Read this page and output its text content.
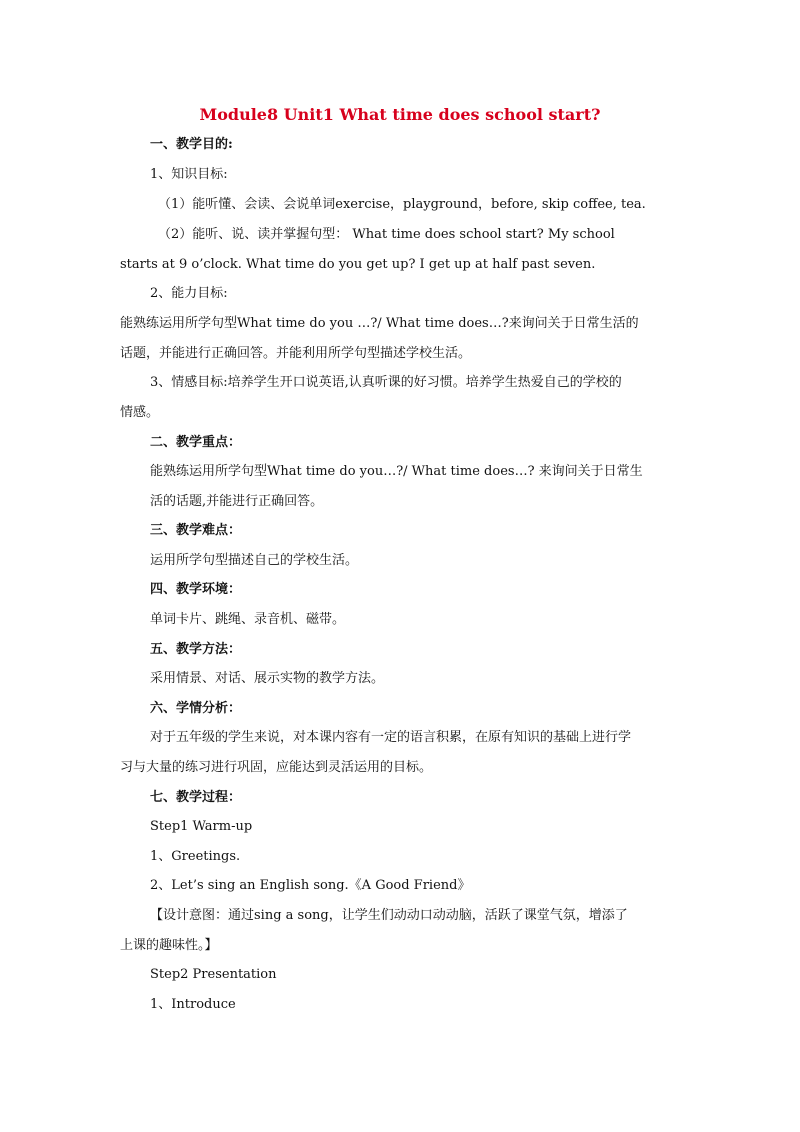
Module8 Unit1 What time does school start?
一、教学目的:
1、知识目标:
（1）能听懂、会读、会说单词exercise，playground，before, skip coffee, tea.
（2）能听、说、读并掌握句型： What time does school start? My school
starts at 9 o’clock. What time do you get up? I get up at half past seven.
2、能力目标:
能熟练运用所学句型What time do you …?/ What time does…?来询问关于日常生活的
话题，并能进行正确回答。并能利用所学句型描述学校生活。
3、情感目标:培养学生开口说英语,认真听课的好习惯。培养学生热爱自己的学校的
情感。
二、教学重点：
能熟练运用所学句型What time do you…?/ What time does…? 来询问关于日常生
活的话题,并能进行正确回答。
三、教学难点：
运用所学句型描述自己的学校生活。
四、教学环境：
单词卡片、跳绳、录音机、磁带。
五、教学方法：
采用情景、对话、展示实物的教学方法。
六、学情分析：
对于五年级的学生来说，对本课内容有一定的语言积累，在原有知识的基础上进行学
习与大量的练习进行巩固，应能达到灵活运用的目标。
七、教学过程：
Step1 Warm-up
1、Greetings.
2、Let’s sing an English song.《A Good Friend》
【设计意图：通过sing a song，让学生们动动口动动脑，活跃了课堂气氛，增添了
上课的趣味性。】
Step2 Presentation
1、Introduce
